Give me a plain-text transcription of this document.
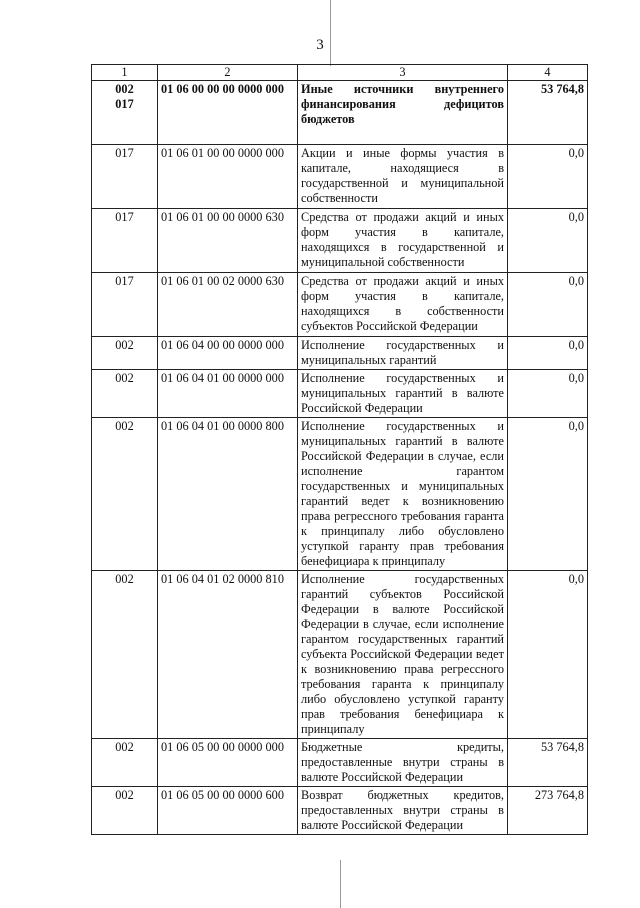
3
1	2	3	4
002
017	01 06 00 00 00 0000 000	Иные источники внутреннего финансирования дефицитов бюджетов	53 764,8
017	01 06 01 00 00 0000 000	Акции и иные формы участия в капитале, находящиеся в государственной и муниципальной собственности	0,0
017	01 06 01 00 00 0000 630	Средства от продажи акций и иных форм участия в капитале, находящихся в государственной и муниципальной собственности	0,0
017	01 06 01 00 02 0000 630	Средства от продажи акций и иных форм участия в капитале, находящихся в собственности субъектов Российской Федерации	0,0
002	01 06 04 00 00 0000 000	Исполнение государственных и муниципальных гарантий	0,0
002	01 06 04 01 00 0000 000	Исполнение государственных и муниципальных гарантий в валюте Российской Федерации	0,0
002	01 06 04 01 00 0000 800	Исполнение государственных и муниципальных гарантий в валюте Российской Федерации в случае, если исполнение гарантом государственных и муниципальных гарантий ведет к возникновению права регрессного требования гаранта к принципалу либо обусловлено уступкой гаранту прав требования бенефициара к принципалу	0,0
002	01 06 04 01 02 0000 810	Исполнение государственных гарантий субъектов Российской Федерации в валюте Российской Федерации в случае, если исполнение гарантом государственных гарантий субъекта Российской Федерации ведет к возникновению права регрессного требования гаранта к принципалу либо обусловлено уступкой гаранту прав требования бенефициара к принципалу	0,0
002	01 06 05 00 00 0000 000	Бюджетные кредиты, предоставленные внутри страны в валюте Российской Федерации	53 764,8
002	01 06 05 00 00 0000 600	Возврат бюджетных кредитов, предоставленных внутри страны в валюте Российской Федерации	273 764,8
